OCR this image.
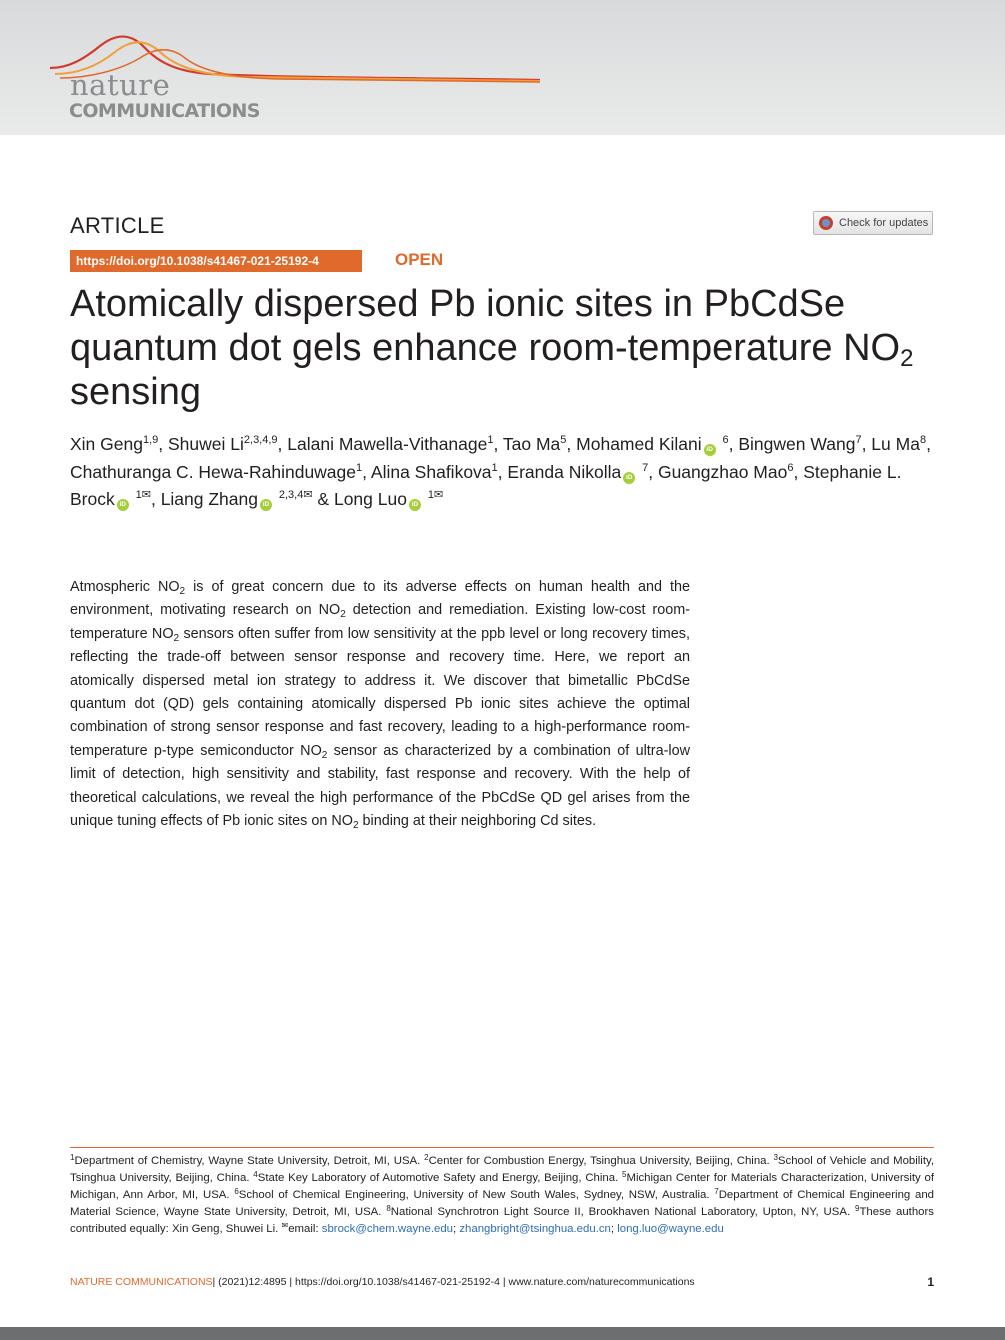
nature
COMMUNICATIONS
ARTICLE	Check for updates
https://doi.org/10.1038/s41467-021-25192-4	OPEN
Atomically dispersed Pb ionic sites in PbCdSe quantum dot gels enhance room-temperature $NO_2$ sensing
Xin Geng$^{1,9}$, Shuwei Li$^{2,3,4,9}$, Lalani Mawella-Vithanage$^1$, Tao Ma$^5$, Mohamed Kilani iD $^6$, Bingwen Wang$^7$, Lu Ma$^8$, Chathuranga C. Hewa-Rahinduwage$^1$, Alina Shafikova$^1$, Eranda Nikolla iD $^7$, Guangzhao Mao$^6$, Stephanie L. Brock iD $^{1✉}$, Liang Zhang iD $^{2,3,4✉}$ & Long Luo iD $^{1✉}$

Atmospheric $NO_2$ is of great concern due to its adverse effects on human health and the environment, motivating research on $NO_2$ detection and remediation. Existing low-cost room-temperature $NO_2$ sensors often suffer from low sensitivity at the ppb level or long recovery times, reflecting the trade-off between sensor response and recovery time. Here, we report an atomically dispersed metal ion strategy to address it. We discover that bimetallic PbCdSe quantum dot (QD) gels containing atomically dispersed Pb ionic sites achieve the optimal combination of strong sensor response and fast recovery, leading to a high-performance room-temperature p-type semiconductor $NO_2$ sensor as characterized by a combination of ultra-low limit of detection, high sensitivity and stability, fast response and recovery. With the help of theoretical calculations, we reveal the high performance of the PbCdSe QD gel arises from the unique tuning effects of Pb ionic sites on $NO_2$ binding at their neighboring Cd sites.

$^1$Department of Chemistry, Wayne State University, Detroit, MI, USA. $^2$Center for Combustion Energy, Tsinghua University, Beijing, China. $^3$School of Vehicle and Mobility, Tsinghua University, Beijing, China. $^4$State Key Laboratory of Automotive Safety and Energy, Beijing, China. $^5$Michigan Center for Materials Characterization, University of Michigan, Ann Arbor, MI, USA. $^6$School of Chemical Engineering, University of New South Wales, Sydney, NSW, Australia. $^7$Department of Chemical Engineering and Material Science, Wayne State University, Detroit, MI, USA. $^8$National Synchrotron Light Source II, Brookhaven National Laboratory, Upton, NY, USA. $^9$These authors contributed equally: Xin Geng, Shuwei Li. ✉email: sbrock@chem.wayne.edu; zhangbright@tsinghua.edu.cn; long.luo@wayne.edu

NATURE COMMUNICATIONS| (2021)12:4895 | https://doi.org/10.1038/s41467-021-25192-4 | www.nature.com/naturecommunications	1
